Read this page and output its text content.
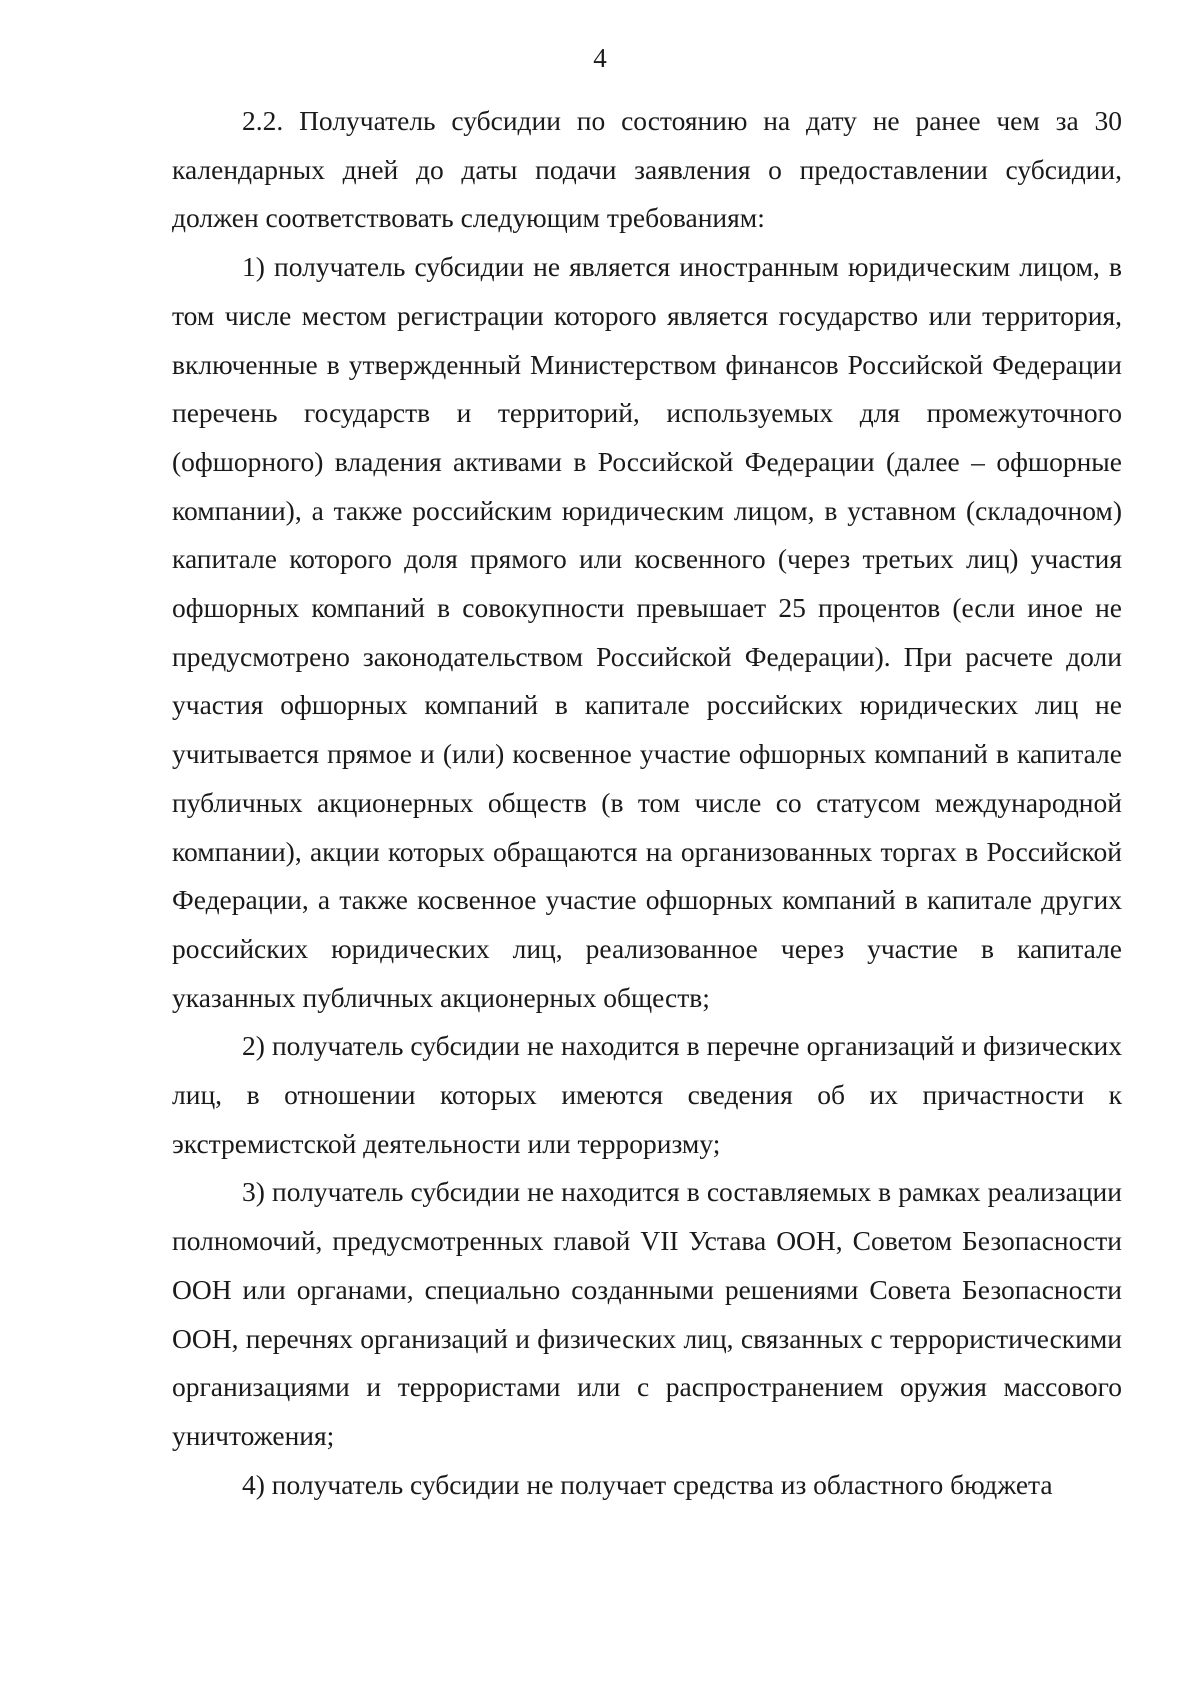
4

2.2. Получатель субсидии по состоянию на дату не ранее чем за 30 календарных дней до даты подачи заявления о предоставлении субсидии, должен соответствовать следующим требованиям:

1) получатель субсидии не является иностранным юридическим лицом, в том числе местом регистрации которого является государство или территория, включенные в утвержденный Министерством финансов Российской Федерации перечень государств и территорий, используемых для промежуточного (офшорного) владения активами в Российской Федерации (далее – офшорные компании), а также российским юридическим лицом, в уставном (складочном) капитале которого доля прямого или косвенного (через третьих лиц) участия офшорных компаний в совокупности превышает 25 процентов (если иное не предусмотрено законодательством Российской Федерации). При расчете доли участия офшорных компаний в капитале российских юридических лиц не учитывается прямое и (или) косвенное участие офшорных компаний в капитале публичных акционерных обществ (в том числе со статусом международной компании), акции которых обращаются на организованных торгах в Российской Федерации, а также косвенное участие офшорных компаний в капитале других российских юридических лиц, реализованное через участие в капитале указанных публичных акционерных обществ;

2) получатель субсидии не находится в перечне организаций и физических лиц, в отношении которых имеются сведения об их причастности к экстремистской деятельности или терроризму;

3) получатель субсидии не находится в составляемых в рамках реализации полномочий, предусмотренных главой VII Устава ООН, Советом Безопасности ООН или органами, специально созданными решениями Совета Безопасности ООН, перечнях организаций и физических лиц, связанных с террористическими организациями и террористами или с распространением оружия массового уничтожения;

4) получатель субсидии не получает средства из областного бюджета
